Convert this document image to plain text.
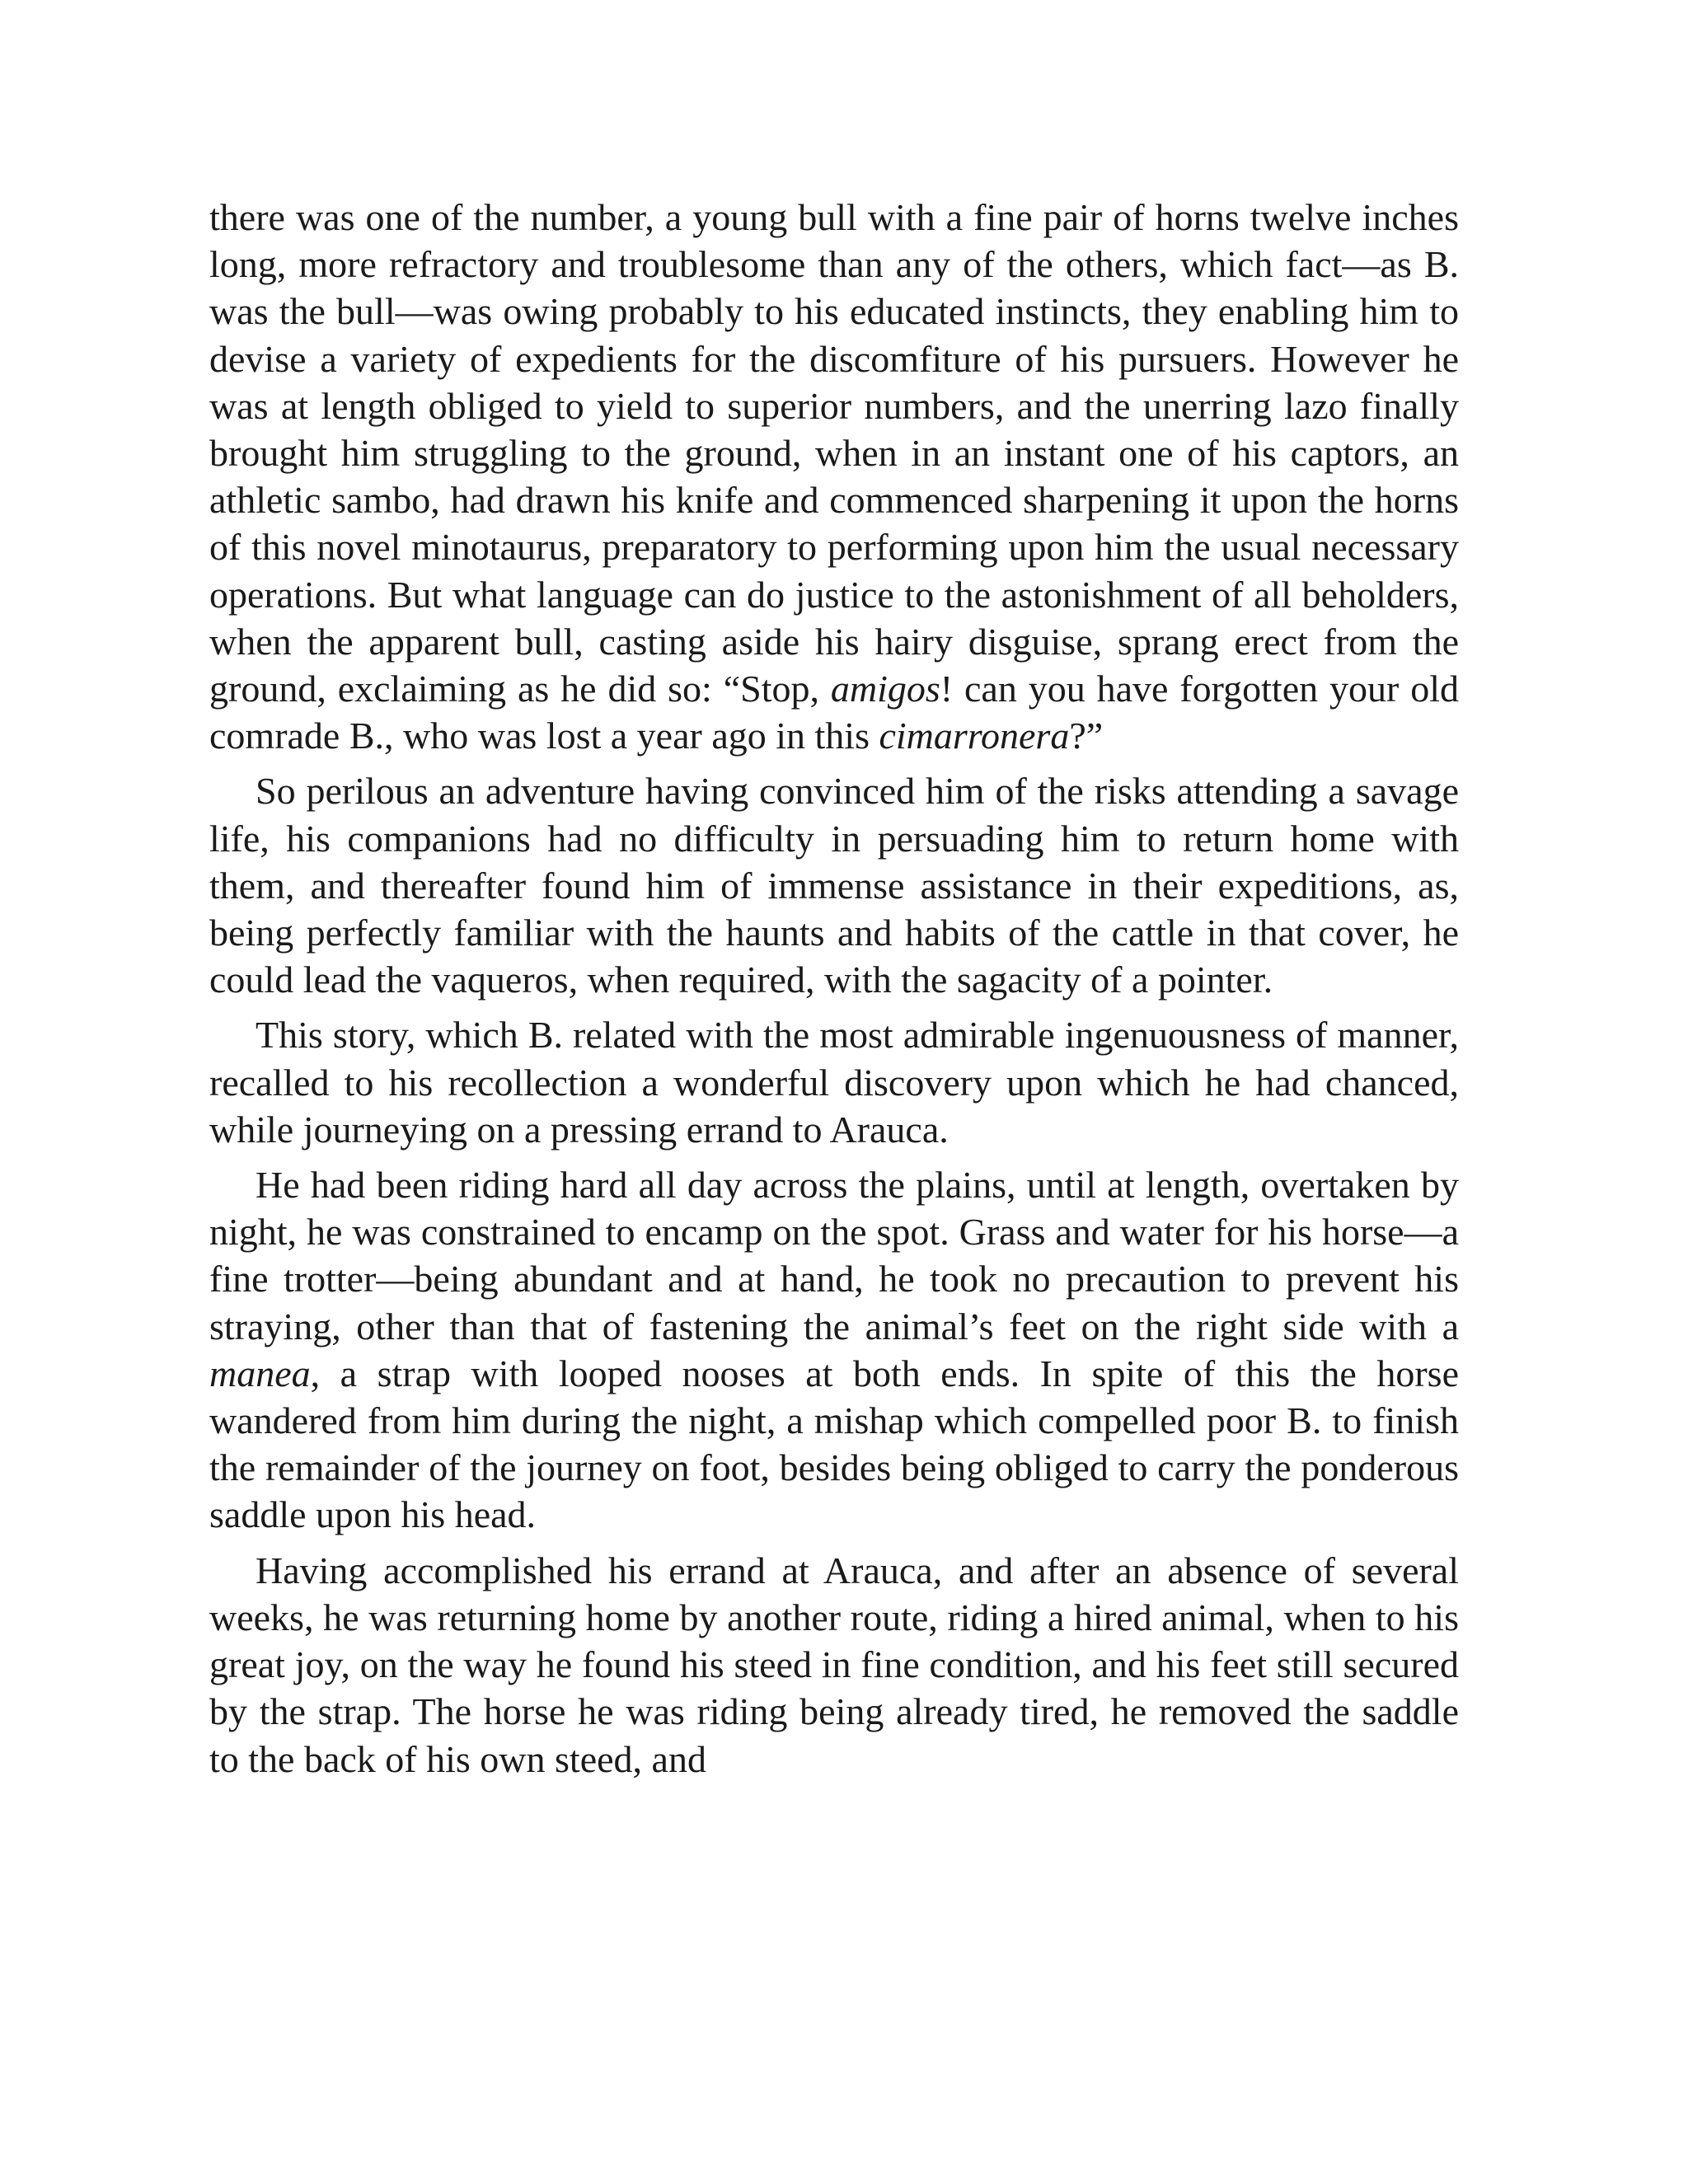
there was one of the number, a young bull with a fine pair of horns twelve inches long, more refractory and troublesome than any of the others, which fact—as B. was the bull—was owing probably to his educated instincts, they enabling him to devise a variety of expedients for the discomfiture of his pursuers. However he was at length obliged to yield to superior numbers, and the unerring lazo finally brought him struggling to the ground, when in an instant one of his captors, an athletic sambo, had drawn his knife and commenced sharpening it upon the horns of this novel minotaurus, preparatory to performing upon him the usual necessary operations. But what language can do justice to the astonishment of all beholders, when the apparent bull, casting aside his hairy disguise, sprang erect from the ground, exclaiming as he did so: “Stop, amigos! can you have forgotten your old comrade B., who was lost a year ago in this cimarronera?”

So perilous an adventure having convinced him of the risks attending a savage life, his companions had no difficulty in persuading him to return home with them, and thereafter found him of immense assistance in their expeditions, as, being perfectly familiar with the haunts and habits of the cattle in that cover, he could lead the vaqueros, when required, with the sagacity of a pointer.

This story, which B. related with the most admirable ingenuousness of manner, recalled to his recollection a wonderful discovery upon which he had chanced, while journeying on a pressing errand to Arauca.

He had been riding hard all day across the plains, until at length, overtaken by night, he was constrained to encamp on the spot. Grass and water for his horse—a fine trotter—being abundant and at hand, he took no precaution to prevent his straying, other than that of fastening the animal’s feet on the right side with a manea, a strap with looped nooses at both ends. In spite of this the horse wandered from him during the night, a mishap which compelled poor B. to finish the remainder of the journey on foot, besides being obliged to carry the ponderous saddle upon his head.

Having accomplished his errand at Arauca, and after an absence of several weeks, he was returning home by another route, riding a hired animal, when to his great joy, on the way he found his steed in fine condition, and his feet still secured by the strap. The horse he was riding being already tired, he removed the saddle to the back of his own steed, and
